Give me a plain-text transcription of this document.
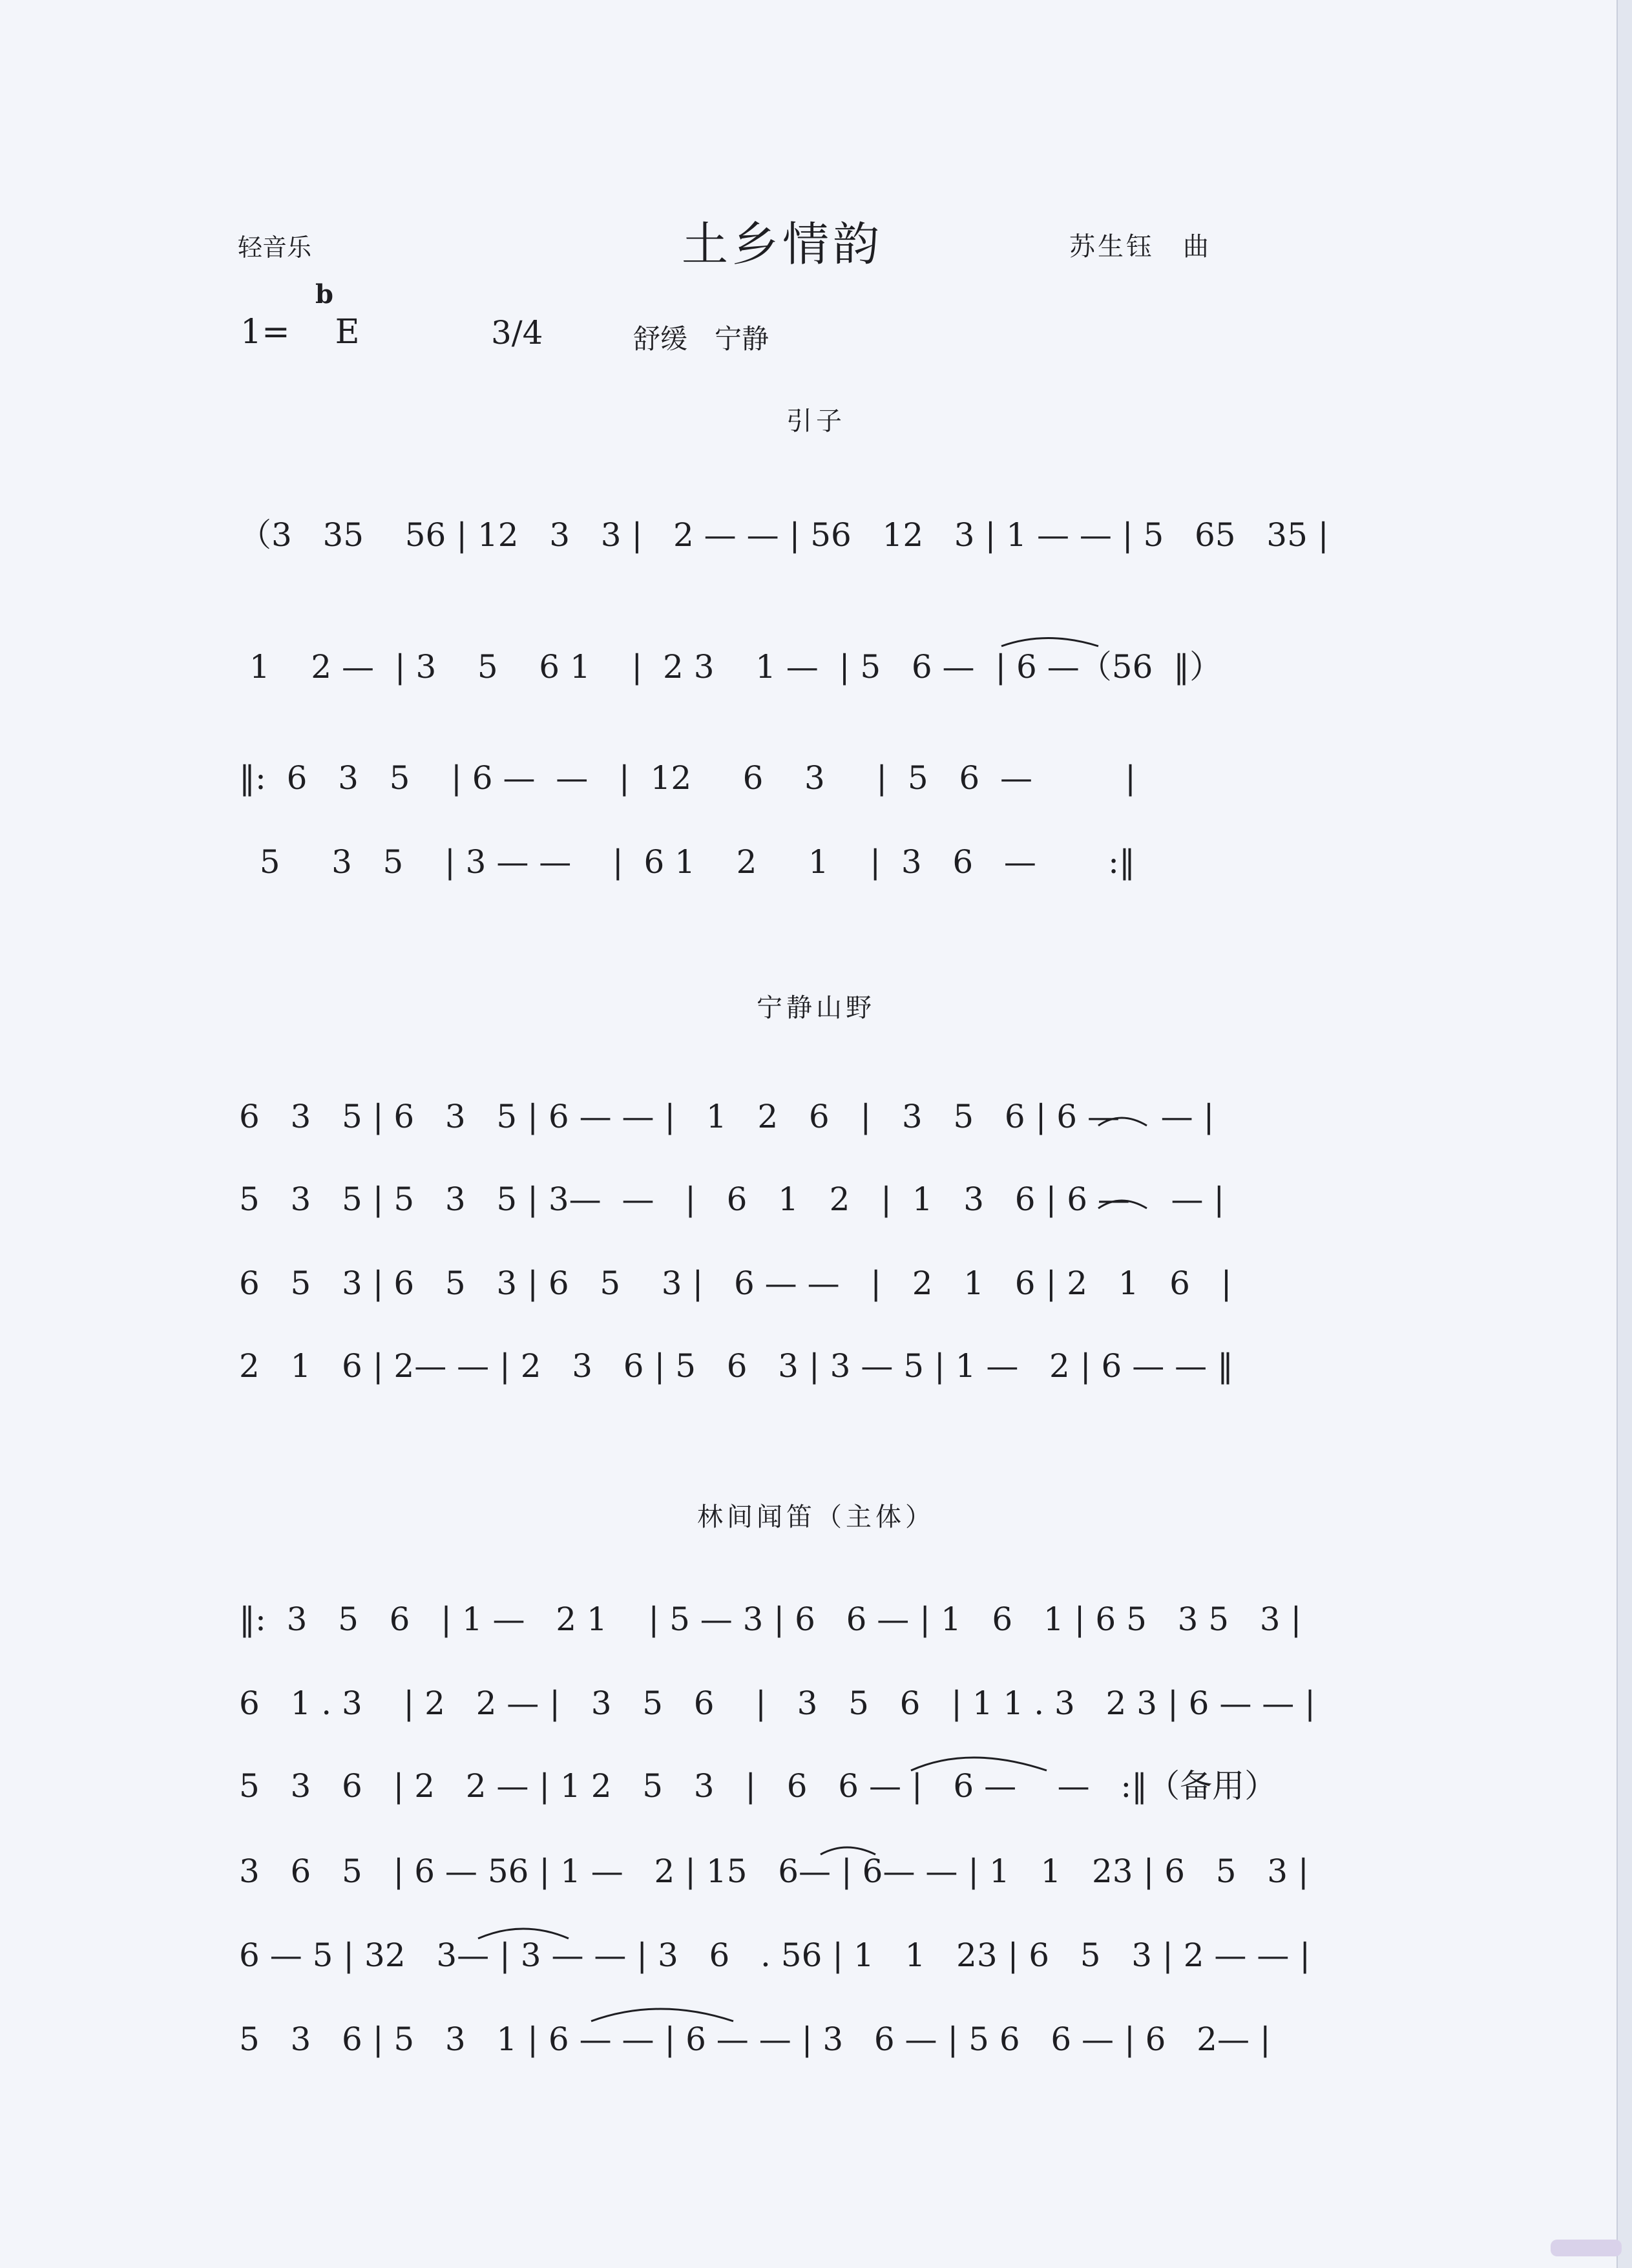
轻音乐	土乡情韵	苏生钰　曲
b
1= E	3/4	舒缓　宁静
引子
（3   35    56 | 12   3   3 |   2 — — | 56   12   3 | 1 — — | 5   65   35 |
1    2 —  | 3    5    6 1    |  2 3    1 —  | 5   6 —  | 6 —（56  ‖）
‖:  6   3   5    | 6 —  —   |  12     6    3     |  5   6  —         |
5     3   5    | 3 — —    |  6 1    2     1    |  3   6   —       :‖
宁静山野
6   3   5 | 6   3   5 | 6 — — |   1   2   6   |   3   5   6 | 6 —    — |
5   3   5 | 5   3   5 | 3—  —   |   6   1   2   |  1   3   6 | 6 —    — |
6   5   3 | 6   5   3 | 6   5    3 |   6 — —   |   2   1   6 | 2   1   6   |
2   1   6 | 2— — | 2   3   6 | 5   6   3 | 3 — 5 | 1 —   2 | 6 — — ‖
林间闻笛（主体）
‖:  3   5   6   | 1 —   2 1    | 5 — 3 | 6   6 — | 1   6   1 | 6 5   3 5   3 |
6   1 . 3    | 2   2 — |   3   5   6    |   3   5   6   | 1 1 . 3   2 3 | 6 — — |
5   3   6   | 2   2 — | 1 2   5   3   |   6   6 — |   6 —    —   :‖（备用）
3   6   5   | 6 — 56 | 1 —   2 | 15   6— | 6— — | 1   1   23 | 6   5   3 |
6 — 5 | 32   3— | 3 — — | 3   6   . 56 | 1   1   23 | 6   5   3 | 2 — — |
5   3   6 | 5   3   1 | 6 — — | 6 — — | 3   6 — | 5 6   6 — | 6   2— |
